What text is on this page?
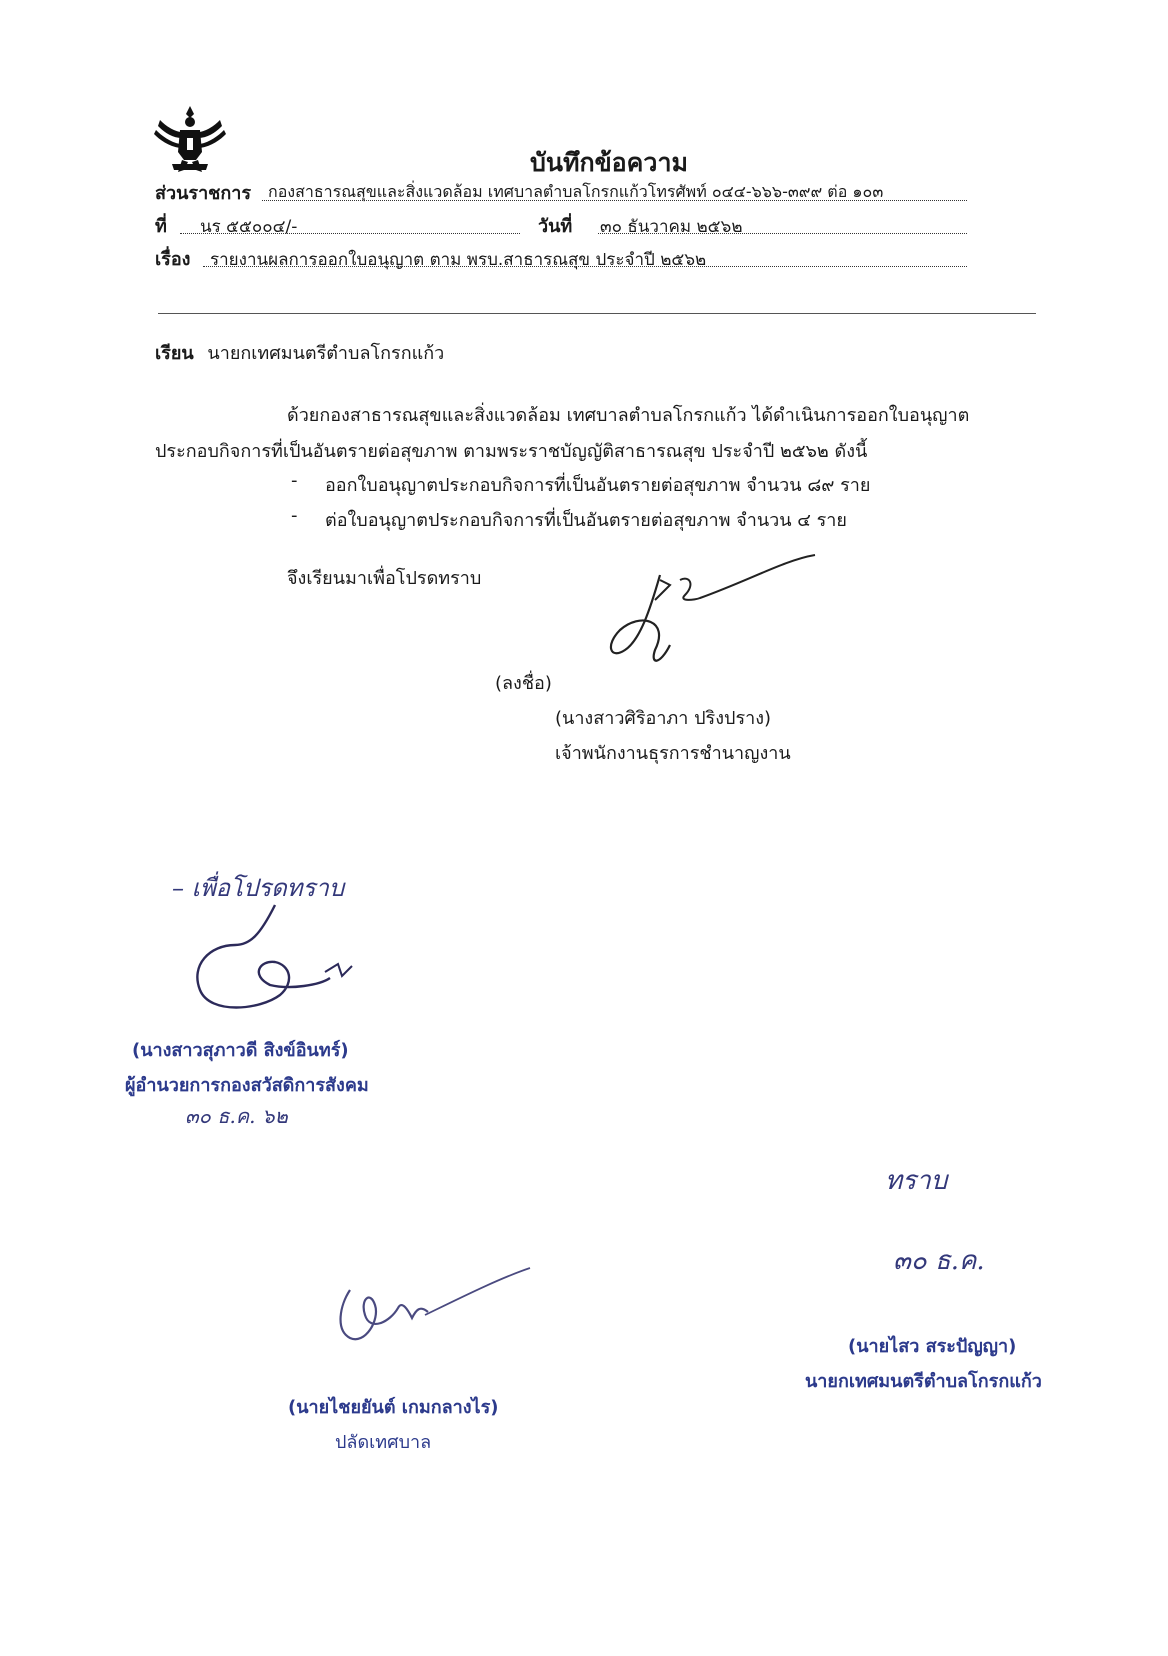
บันทึกข้อความ
ส่วนราชการ กองสาธารณสุขและสิ่งแวดล้อม เทศบาลตำบลโกรกแก้วโทรศัพท์ ๐๔๔-๖๖๖-๓๙๙ ต่อ ๑๐๓
ที่ นร ๕๕๐๐๔/-	วันที่ ๓๐ ธันวาคม ๒๕๖๒
เรื่อง รายงานผลการออกใบอนุญาต ตาม พรบ.สาธารณสุข ประจำปี ๒๕๖๒
เรียน นายกเทศมนตรีตำบลโกรกแก้ว
ด้วยกองสาธารณสุขและสิ่งแวดล้อม เทศบาลตำบลโกรกแก้ว ได้ดำเนินการออกใบอนุญาต
ประกอบกิจการที่เป็นอันตรายต่อสุขภาพ ตามพระราชบัญญัติสาธารณสุข ประจำปี ๒๕๖๒ ดังนี้
- ออกใบอนุญาตประกอบกิจการที่เป็นอันตรายต่อสุขภาพ จำนวน ๘๙ ราย
- ต่อใบอนุญาตประกอบกิจการที่เป็นอันตรายต่อสุขภาพ จำนวน ๔ ราย
จึงเรียนมาเพื่อโปรดทราบ
(ลงชื่อ)
(นางสาวศิริอาภา ปริงปราง)
เจ้าพนักงานธุรการชำนาญงาน
– เพื่อโปรดทราบ
(นางสาวสุภาวดี สิงข์อินทร์)
ผู้อำนวยการกองสวัสดิการสังคม
๓๐ ธ.ค. ๖๒
ทราบ
๓๐ ธ.ค.
(นายไสว สระปัญญา)
นายกเทศมนตรีตำบลโกรกแก้ว
(นายไชยยันต์ เกมกลางไร)
ปลัดเทศบาล
